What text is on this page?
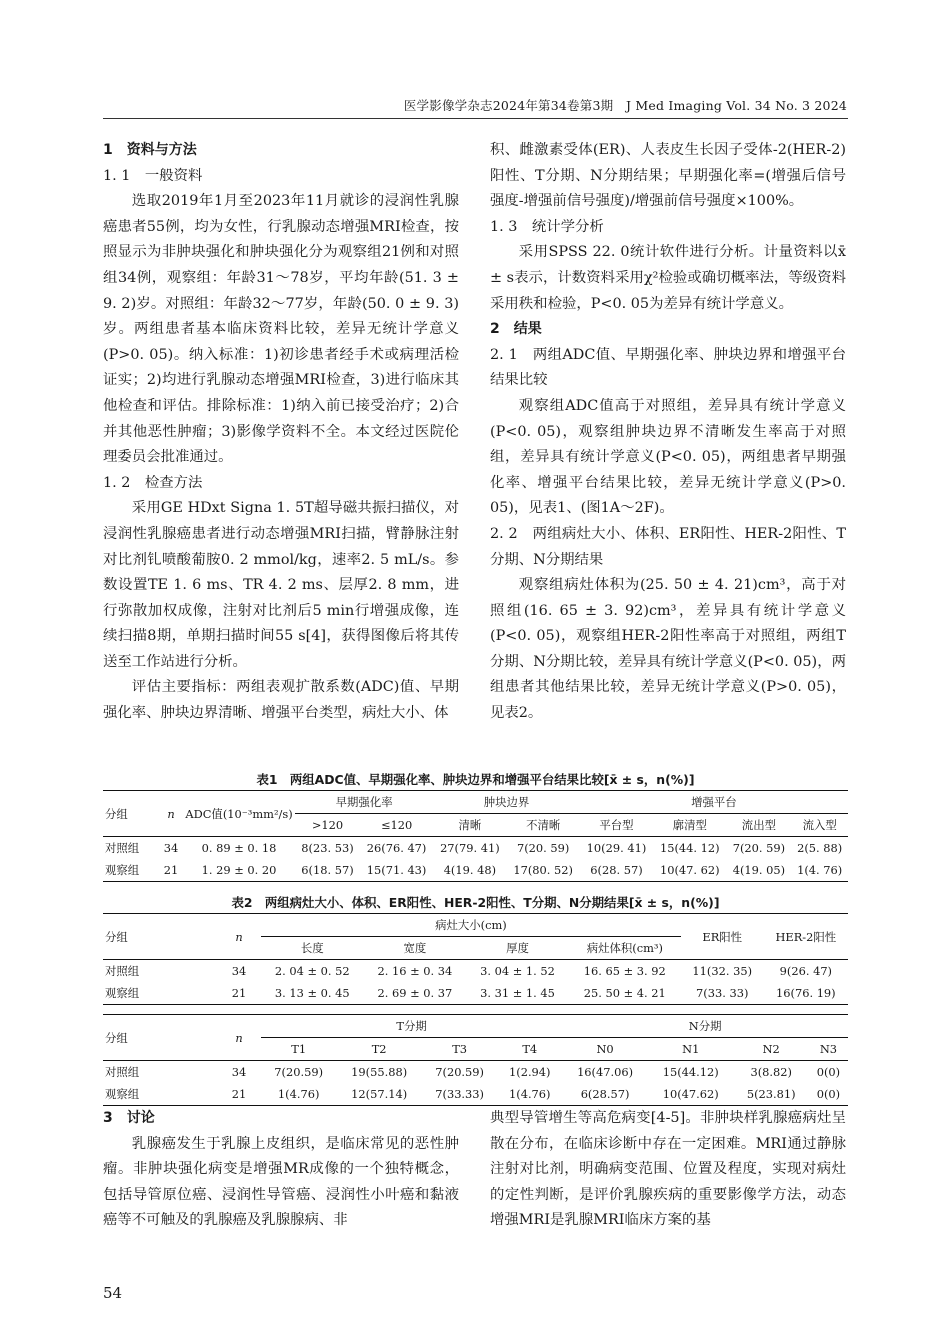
医学影像学杂志2024年第34卷第3期　J Med Imaging Vol. 34 No. 3 2024

1　资料与方法

1. 1　一般资料

选取2019年1月至2023年11月就诊的浸润性乳腺癌患者55例，均为女性，行乳腺动态增强MRI检查，按照显示为非肿块强化和肿块强化分为观察组21例和对照组34例，观察组：年龄31～78岁，平均年龄(51. 3 ± 9. 2)岁。对照组：年龄32～77岁，年龄(50. 0 ± 9. 3)岁。两组患者基本临床资料比较，差异无统计学意义(P>0. 05)。纳入标准：1)初诊患者经手术或病理活检证实；2)均进行乳腺动态增强MRI检查，3)进行临床其他检查和评估。排除标准：1)纳入前已接受治疗；2)合并其他恶性肿瘤；3)影像学资料不全。本文经过医院伦理委员会批准通过。

1. 2　检查方法

采用GE HDxt Signa 1. 5T超导磁共振扫描仪，对浸润性乳腺癌患者进行动态增强MRI扫描，臂静脉注射对比剂钆喷酸葡胺0. 2 mmol/kg，速率2. 5 mL/s。参数设置TE 1. 6 ms、TR 4. 2 ms、层厚2. 8 mm，进行弥散加权成像，注射对比剂后5 min行增强成像，连续扫描8期，单期扫描时间55 s[4]，获得图像后将其传送至工作站进行分析。

评估主要指标：两组表观扩散系数(ADC)值、早期强化率、肿块边界清晰、增强平台类型，病灶大小、体

积、雌激素受体(ER)、人表皮生长因子受体-2(HER-2)阳性、T分期、N分期结果；早期强化率=(增强后信号强度-增强前信号强度)/增强前信号强度×100%。

1. 3　统计学分析

采用SPSS 22. 0统计软件进行分析。计量资料以x̄ ± s表示，计数资料采用χ²检验或确切概率法，等级资料采用秩和检验，P<0. 05为差异有统计学意义。

2　结果

2. 1　两组ADC值、早期强化率、肿块边界和增强平台结果比较

观察组ADC值高于对照组，差异具有统计学意义(P<0. 05)，观察组肿块边界不清晰发生率高于对照组，差异具有统计学意义(P<0. 05)，两组患者早期强化率、增强平台结果比较，差异无统计学意义(P>0. 05)，见表1、(图1A～2F)。

2. 2　两组病灶大小、体积、ER阳性、HER-2阳性、T分期、N分期结果

观察组病灶体积为(25. 50 ± 4. 21)cm³，高于对照组(16. 65 ± 3. 92)cm³，差异具有统计学意义(P<0. 05)，观察组HER-2阳性率高于对照组，两组T分期、N分期比较，差异具有统计学意义(P<0. 05)，两组患者其他结果比较，差异无统计学意义(P>0. 05)，见表2。

表1　两组ADC值、早期强化率、肿块边界和增强平台结果比较[x̄ ± s，n(%)]
分组	n	ADC值(10⁻³mm²/s)	早期强化率		肿块边界		增强平台			
			>120	≤120	清晰	不清晰	平台型	廓清型	流出型	流入型
对照组	34	0. 89 ± 0. 18	8(23. 53)	26(76. 47)	27(79. 41)	7(20. 59)	10(29. 41)	15(44. 12)	7(20. 59)	2(5. 88)
观察组	21	1. 29 ± 0. 20	6(18. 57)	15(71. 43)	4(19. 48)	17(80. 52)	6(28. 57)	10(47. 62)	4(19. 05)	1(4. 76)
表2　两组病灶大小、体积、ER阳性、HER-2阳性、T分期、N分期结果[x̄ ± s，n(%)]
分组	n	病灶大小(cm)				ER阳性	HER-2阳性
		长度	宽度	厚度	病灶体积(cm³)		
对照组	34	2. 04 ± 0. 52	2. 16 ± 0. 34	3. 04 ± 1. 52	16. 65 ± 3. 92	11(32. 35)	9(26. 47)
观察组	21	3. 13 ± 0. 45	2. 69 ± 0. 37	3. 31 ± 1. 45	25. 50 ± 4. 21	7(33. 33)	16(76. 19)
分组	n	T分期				N分期			
		T1	T2	T3	T4	N0	N1	N2	N3
对照组	34	7(20.59)	19(55.88)	7(20.59)	1(2.94)	16(47.06)	15(44.12)	3(8.82)	0(0)
观察组	21	1(4.76)	12(57.14)	7(33.33)	1(4.76)	6(28.57)	10(47.62)	5(23.81)	0(0)

3　讨论

乳腺癌发生于乳腺上皮组织，是临床常见的恶性肿瘤。非肿块强化病变是增强MR成像的一个独特概念，包括导管原位癌、浸润性导管癌、浸润性小叶癌和黏液癌等不可触及的乳腺癌及乳腺腺病、非

典型导管增生等高危病变[4-5]。非肿块样乳腺癌病灶呈散在分布，在临床诊断中存在一定困难。MRI通过静脉注射对比剂，明确病变范围、位置及程度，实现对病灶的定性判断，是评价乳腺疾病的重要影像学方法，动态增强MRI是乳腺MRI临床方案的基

54
